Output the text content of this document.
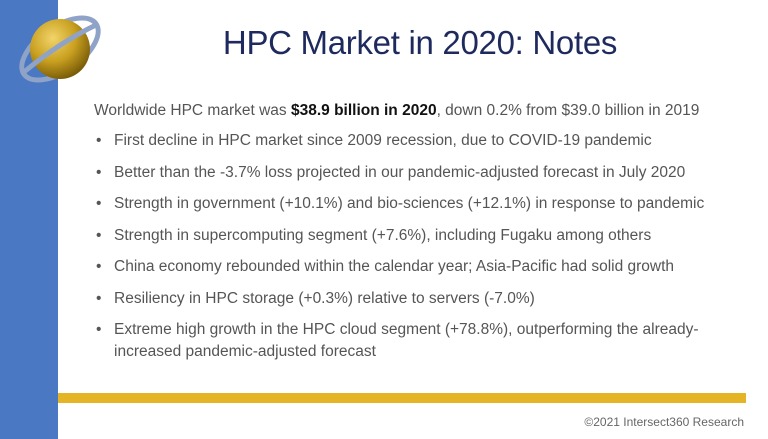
HPC Market in 2020: Notes

Worldwide HPC market was $38.9 billion in 2020, down 0.2% from $39.0 billion in 2019

• First decline in HPC market since 2009 recession, due to COVID-19 pandemic
• Better than the -3.7% loss projected in our pandemic-adjusted forecast in July 2020
• Strength in government (+10.1%) and bio-sciences (+12.1%) in response to pandemic
• Strength in supercomputing segment (+7.6%), including Fugaku among others
• China economy rebounded within the calendar year; Asia-Pacific had solid growth
• Resiliency in HPC storage (+0.3%) relative to servers (-7.0%)
• Extreme high growth in the HPC cloud segment (+78.8%), outperforming the already-increased pandemic-adjusted forecast
©2021 Intersect360 Research
